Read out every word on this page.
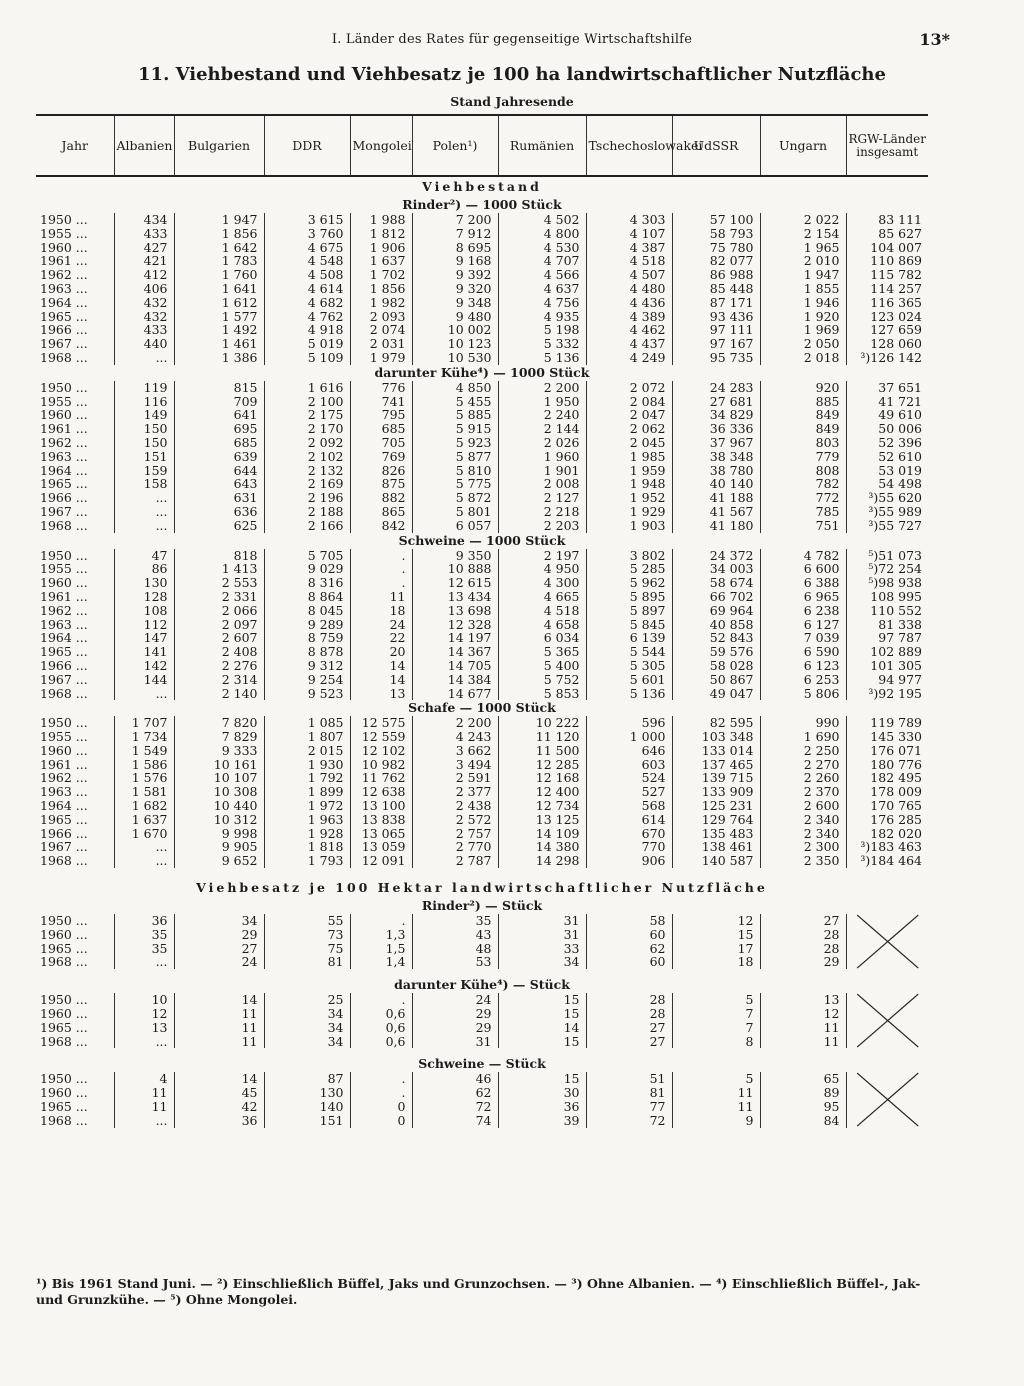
I. Länder des Rates für gegenseitige Wirtschaftshilfe	13*
11. Viehbestand und Viehbesatz je 100 ha landwirtschaftlicher Nutzfläche
Stand Jahresende
Jahr	Albanien	Bulgarien	DDR	Mongolei	Polen¹)	Rumänien	Tschechoslowakei	UdSSR	Ungarn	RGW-Länder insgesamt
Viehbestand										
Rinder²) — 1000 Stück										
1950 ...	434	1 947	3 615	1 988	7 200	4 502	4 303	57 100	2 022	83 111
1955 ...	433	1 856	3 760	1 812	7 912	4 800	4 107	58 793	2 154	85 627
1960 ...	427	1 642	4 675	1 906	8 695	4 530	4 387	75 780	1 965	104 007
1961 ...	421	1 783	4 548	1 637	9 168	4 707	4 518	82 077	2 010	110 869
1962 ...	412	1 760	4 508	1 702	9 392	4 566	4 507	86 988	1 947	115 782
1963 ...	406	1 641	4 614	1 856	9 320	4 637	4 480	85 448	1 855	114 257
1964 ...	432	1 612	4 682	1 982	9 348	4 756	4 436	87 171	1 946	116 365
1965 ...	432	1 577	4 762	2 093	9 480	4 935	4 389	93 436	1 920	123 024
1966 ...	433	1 492	4 918	2 074	10 002	5 198	4 462	97 111	1 969	127 659
1967 ...	440	1 461	5 019	2 031	10 123	5 332	4 437	97 167	2 050	128 060
1968 ...	...	1 386	5 109	1 979	10 530	5 136	4 249	95 735	2 018	³)126 142
darunter Kühe⁴) — 1000 Stück										
1950 ...	119	815	1 616	776	4 850	2 200	2 072	24 283	920	37 651
1955 ...	116	709	2 100	741	5 455	1 950	2 084	27 681	885	41 721
1960 ...	149	641	2 175	795	5 885	2 240	2 047	34 829	849	49 610
1961 ...	150	695	2 170	685	5 915	2 144	2 062	36 336	849	50 006
1962 ...	150	685	2 092	705	5 923	2 026	2 045	37 967	803	52 396
1963 ...	151	639	2 102	769	5 877	1 960	1 985	38 348	779	52 610
1964 ...	159	644	2 132	826	5 810	1 901	1 959	38 780	808	53 019
1965 ...	158	643	2 169	875	5 775	2 008	1 948	40 140	782	54 498
1966 ...	...	631	2 196	882	5 872	2 127	1 952	41 188	772	³)55 620
1967 ...	...	636	2 188	865	5 801	2 218	1 929	41 567	785	³)55 989
1968 ...	...	625	2 166	842	6 057	2 203	1 903	41 180	751	³)55 727
Schweine — 1000 Stück										
1950 ...	47	818	5 705	.	9 350	2 197	3 802	24 372	4 782	⁵)51 073
1955 ...	86	1 413	9 029	.	10 888	4 950	5 285	34 003	6 600	⁵)72 254
1960 ...	130	2 553	8 316	.	12 615	4 300	5 962	58 674	6 388	⁵)98 938
1961 ...	128	2 331	8 864	11	13 434	4 665	5 895	66 702	6 965	108 995
1962 ...	108	2 066	8 045	18	13 698	4 518	5 897	69 964	6 238	110 552
1963 ...	112	2 097	9 289	24	12 328	4 658	5 845	40 858	6 127	81 338
1964 ...	147	2 607	8 759	22	14 197	6 034	6 139	52 843	7 039	97 787
1965 ...	141	2 408	8 878	20	14 367	5 365	5 544	59 576	6 590	102 889
1966 ...	142	2 276	9 312	14	14 705	5 400	5 305	58 028	6 123	101 305
1967 ...	144	2 314	9 254	14	14 384	5 752	5 601	50 867	6 253	94 977
1968 ...	...	2 140	9 523	13	14 677	5 853	5 136	49 047	5 806	³)92 195
Schafe — 1000 Stück										
1950 ...	1 707	7 820	1 085	12 575	2 200	10 222	596	82 595	990	119 789
1955 ...	1 734	7 829	1 807	12 559	4 243	11 120	1 000	103 348	1 690	145 330
1960 ...	1 549	9 333	2 015	12 102	3 662	11 500	646	133 014	2 250	176 071
1961 ...	1 586	10 161	1 930	10 982	3 494	12 285	603	137 465	2 270	180 776
1962 ...	1 576	10 107	1 792	11 762	2 591	12 168	524	139 715	2 260	182 495
1963 ...	1 581	10 308	1 899	12 638	2 377	12 400	527	133 909	2 370	178 009
1964 ...	1 682	10 440	1 972	13 100	2 438	12 734	568	125 231	2 600	170 765
1965 ...	1 637	10 312	1 963	13 838	2 572	13 125	614	129 764	2 340	176 285
1966 ...	1 670	9 998	1 928	13 065	2 757	14 109	670	135 483	2 340	182 020
1967 ...	...	9 905	1 818	13 059	2 770	14 380	770	138 461	2 300	³)183 463
1968 ...	...	9 652	1 793	12 091	2 787	14 298	906	140 587	2 350	³)184 464

Viehbesatz je 100 Hektar landwirtschaftlicher Nutzfläche										
Rinder²) — Stück										
1950 ...	36	34	55	.	35	31	58	12	27	

1960 ...	35	29	73	1,3	43	31	60	15	28	
1965 ...	35	27	75	1,5	48	33	62	17	28	
1968 ...	...	24	81	1,4	53	34	60	18	29	

darunter Kühe⁴) — Stück										
1950 ...	10	14	25	.	24	15	28	5	13	

1960 ...	12	11	34	0,6	29	15	28	7	12	
1965 ...	13	11	34	0,6	29	14	27	7	11	
1968 ...	...	11	34	0,6	31	15	27	8	11	

Schweine — Stück										
1950 ...	4	14	87	.	46	15	51	5	65	

1960 ...	11	45	130	.	62	30	81	11	89	
1965 ...	11	42	140	0	72	36	77	11	95	
1968 ...	...	36	151	0	74	39	72	9	84	
¹) Bis 1961 Stand Juni. — ²) Einschließlich Büffel, Jaks und Grunzochsen. — ³) Ohne Albanien. — ⁴) Einschließlich Büffel-, Jak- und Grunzkühe. — ⁵) Ohne Mongolei.
